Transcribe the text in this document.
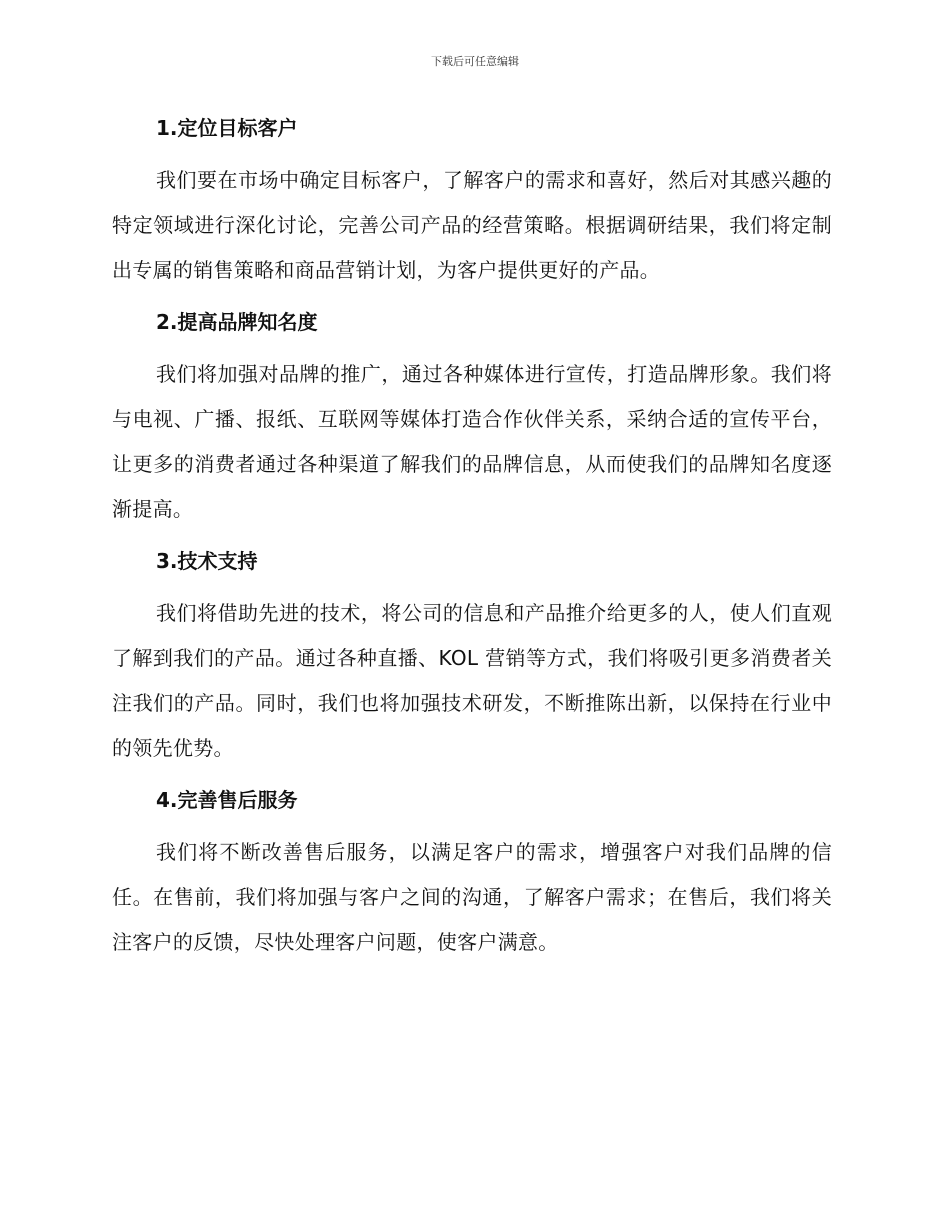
下载后可任意编辑
1.定位目标客户

我们要在市场中确定目标客户，了解客户的需求和喜好，然后对其感兴趣的特定领域进行深化讨论，完善公司产品的经营策略。根据调研结果，我们将定制出专属的销售策略和商品营销计划，为客户提供更好的产品。

2.提高品牌知名度

我们将加强对品牌的推广，通过各种媒体进行宣传，打造品牌形象。我们将与电视、广播、报纸、互联网等媒体打造合作伙伴关系，采纳合适的宣传平台，让更多的消费者通过各种渠道了解我们的品牌信息，从而使我们的品牌知名度逐渐提高。

3.技术支持

我们将借助先进的技术，将公司的信息和产品推介给更多的人，使人们直观了解到我们的产品。通过各种直播、KOL 营销等方式，我们将吸引更多消费者关注我们的产品。同时，我们也将加强技术研发，不断推陈出新，以保持在行业中的领先优势。

4.完善售后服务

我们将不断改善售后服务，以满足客户的需求，增强客户对我们品牌的信任。在售前，我们将加强与客户之间的沟通，了解客户需求；在售后，我们将关注客户的反馈，尽快处理客户问题，使客户满意。
